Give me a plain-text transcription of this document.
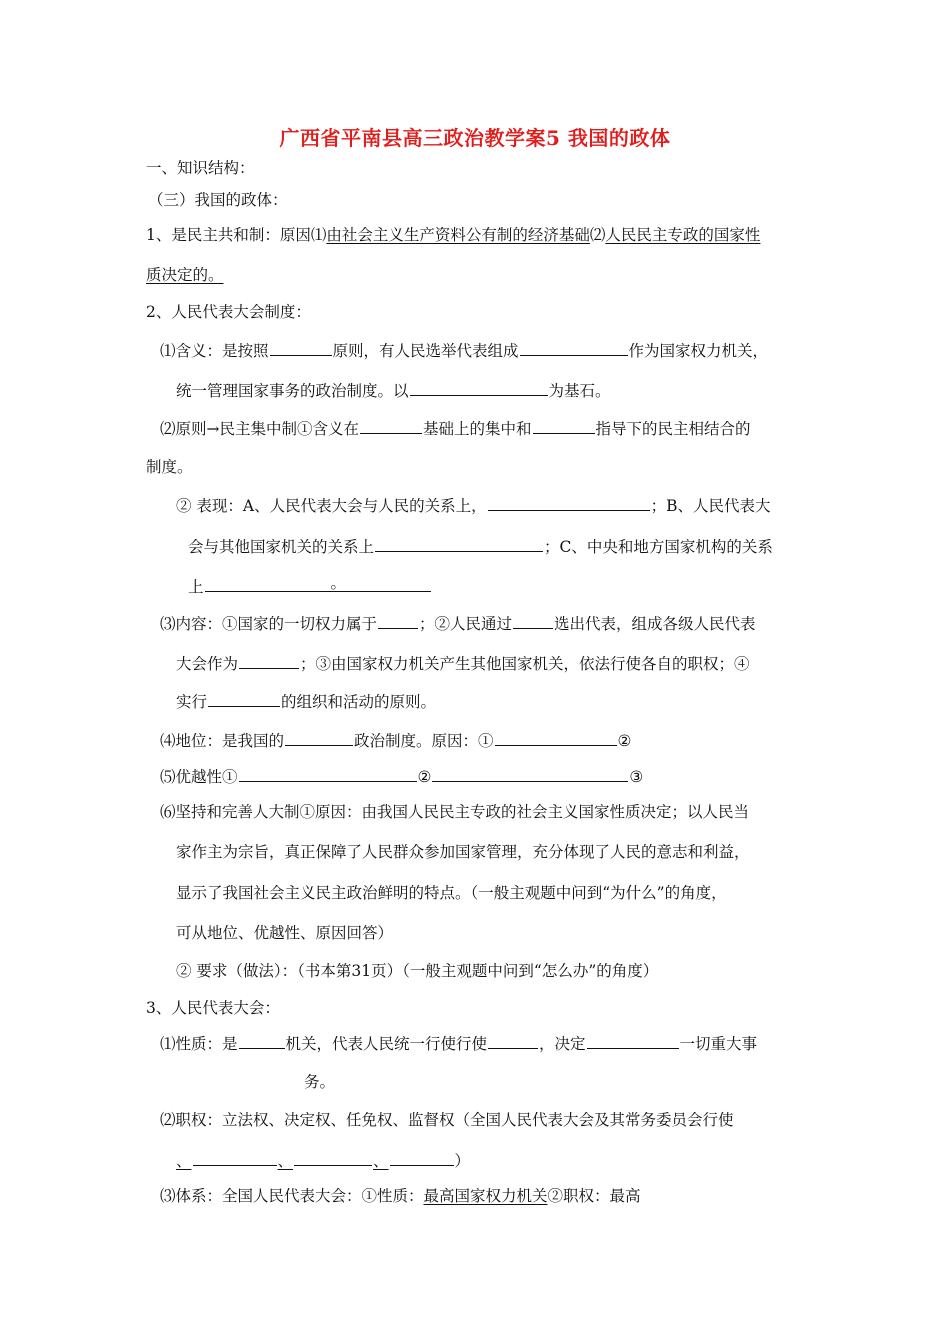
广西省平南县高三政治教学案5 我国的政体
一、知识结构：
（三）我国的政体：
1、是民主共和制：原因⑴由社会主义生产资料公有制的经济基础⑵人民民主专政的国家性
质决定的。
2、人民代表大会制度：
⑴含义：是按照	原则，有人民选举代表组成	作为国家权力机关，
统一管理国家事务的政治制度。以	为基石。
⑵原则→民主集中制①含义在	基础上的集中和	指导下的民主相结合的
制度。
② 表现：A、人民代表大会与人民的关系上，	；B、人民代表大
会与其他国家机关的关系上	；C、中央和地方国家机构的关系
上	。
⑶内容：①国家的一切权力属于	；②人民通过	选出代表，组成各级人民代表
大会作为	；③由国家权力机关产生其他国家机关，依法行使各自的职权；④
实行	的组织和活动的原则。
⑷地位：是我国的	政治制度。原因：①	②
⑸优越性①	②	③
⑹坚持和完善人大制①原因：由我国人民民主专政的社会主义国家性质决定；以人民当
家作主为宗旨，真正保障了人民群众参加国家管理，充分体现了人民的意志和利益，
显示了我国社会主义民主政治鲜明的特点。（一般主观题中问到“为什么”的角度，
可从地位、优越性、原因回答）
② 要求（做法）：（书本第31页）（一般主观题中问到“怎么办”的角度）
3、人民代表大会：
⑴性质：是	机关，代表人民统一行使行使	，决定	一切重大事
务。
⑵职权：立法权、决定权、任免权、监督权（全国人民代表大会及其常务委员会行使
、	、	、	）
⑶体系：全国人民代表大会：①性质：最高国家权力机关②职权：最高
